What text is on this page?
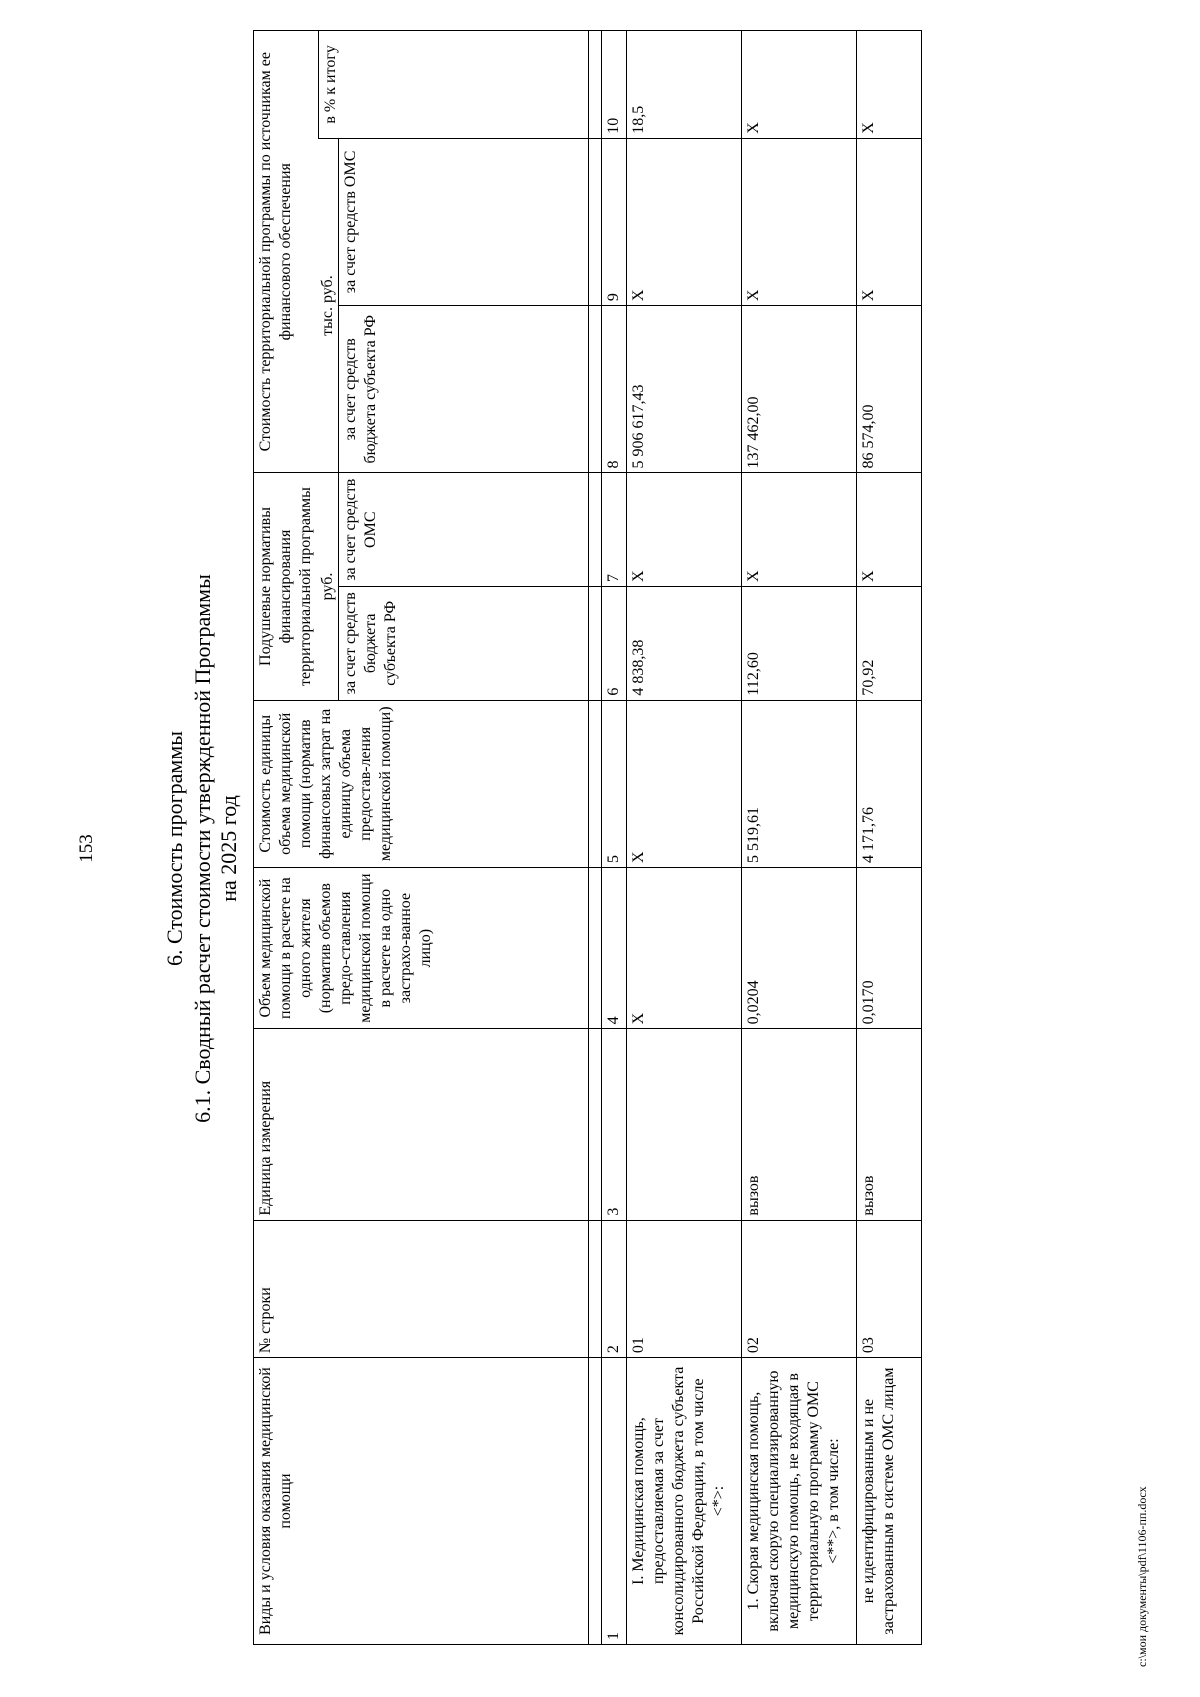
153	6. Стоимость программы 6.1. Сводный расчет стоимости утвержденной Программы на 2025 год
Виды и условия оказания медицинской помощи	№ строки	Единица измерения	Объем медицинской помощи в расчете на одного жителя (норматив объемов предо-ставления медицинской помощи в расчете на одно застрахо-ванное лицо)	Стоимость единицы объема медицинской помощи (норматив финансовых затрат на единицу объема предостав-ления медицинской помощи)	Подушевые нормативы финансирования территориальной программы		Стоимость территориальной программы по источникам ее финансового обеспечения		
					руб.		тыс. руб.		в % к итогу
					за счет средств бюджета субъекта РФ	за счет средств ОМС	за счет средств бюджета субъекта РФ	за счет средств ОМС	

1	2	3	4	5	6	7	8	9	10
I. Медицинская помощь, предоставляемая за счет консолидированного бюджета субъекта Российской Федерации, в том числе <*>:	01		X	X	4 838,38	X	5 906 617,43	X	18,5
1. Скорая медицинская помощь, включая скорую специализированную медицинскую помощь, не входящая в территориальную программу ОМС <**>, в том числе:	02	вызов	0,0204	5 519,61	112,60	X	137 462,00	X	X
не идентифицированным и не застрахованным в системе ОМС лицам	03	вызов	0,0170	4 171,76	70,92	X	86 574,00	X	X
c:\мои документы\pdf\1106-пп.docx
